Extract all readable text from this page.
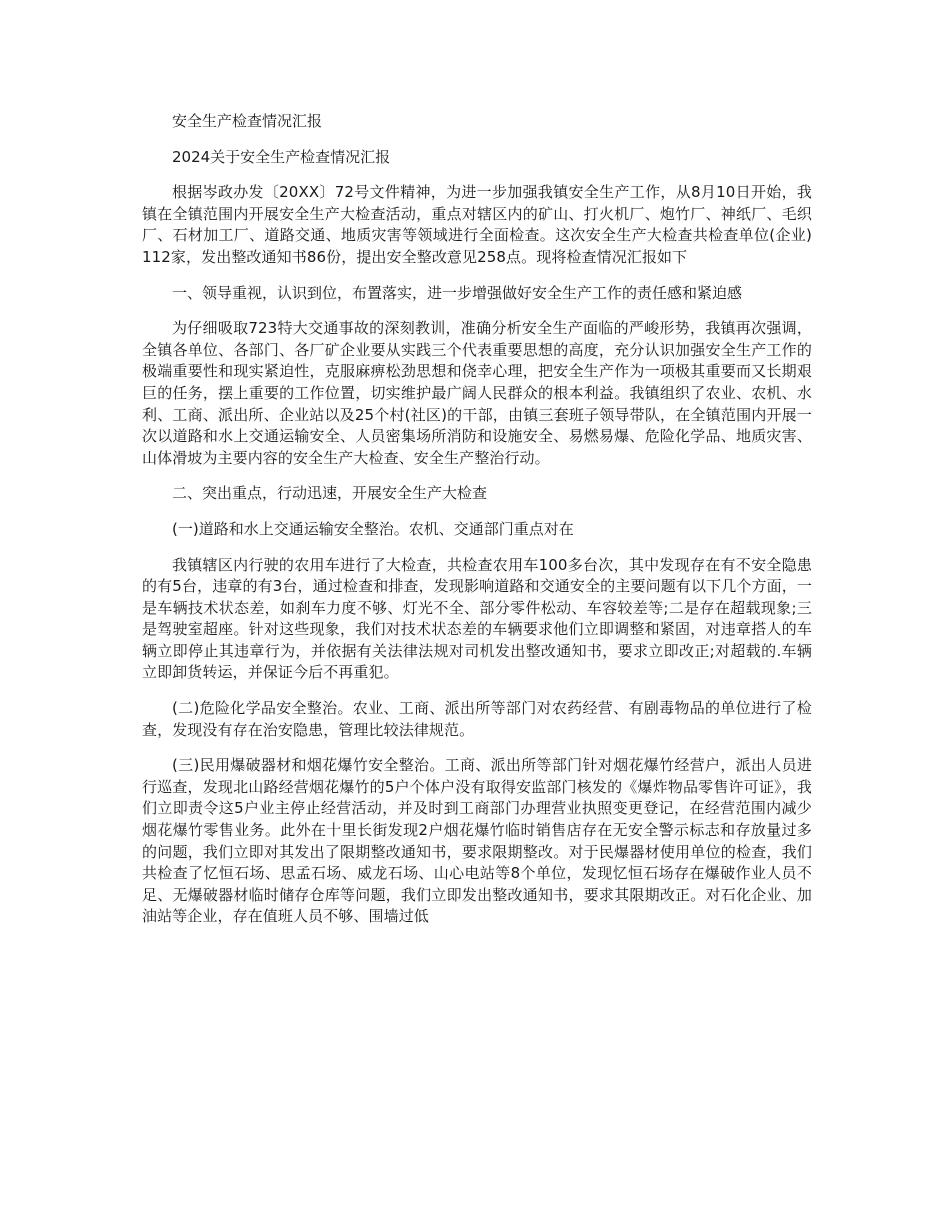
安全生产检查情况汇报

2024关于安全生产检查情况汇报

根据岑政办发〔20XX〕72号文件精神，为进一步加强我镇安全生产工作，从8月10日开始，我镇在全镇范围内开展安全生产大检查活动，重点对辖区内的矿山、打火机厂、炮竹厂、神纸厂、毛织厂、石材加工厂、道路交通、地质灾害等领域进行全面检查。这次安全生产大检查共检查单位(企业)112家，发出整改通知书86份，提出安全整改意见258点。现将检查情况汇报如下

一、领导重视，认识到位，布置落实，进一步增强做好安全生产工作的责任感和紧迫感

为仔细吸取723特大交通事故的深刻教训，准确分析安全生产面临的严峻形势，我镇再次强调，全镇各单位、各部门、各厂矿企业要从实践三个代表重要思想的高度，充分认识加强安全生产工作的极端重要性和现实紧迫性，克服麻痹松劲思想和侥幸心理，把安全生产作为一项极其重要而又长期艰巨的任务，摆上重要的工作位置，切实维护最广阔人民群众的根本利益。我镇组织了农业、农机、水利、工商、派出所、企业站以及25个村(社区)的干部，由镇三套班子领导带队，在全镇范围内开展一次以道路和水上交通运输安全、人员密集场所消防和设施安全、易燃易爆、危险化学品、地质灾害、山体滑坡为主要内容的安全生产大检查、安全生产整治行动。

二、突出重点，行动迅速，开展安全生产大检查

(一)道路和水上交通运输安全整治。农机、交通部门重点对在

我镇辖区内行驶的农用车进行了大检查，共检查农用车100多台次，其中发现存在有不安全隐患的有5台，违章的有3台，通过检查和排查，发现影响道路和交通安全的主要问题有以下几个方面，一是车辆技术状态差，如刹车力度不够、灯光不全、部分零件松动、车容较差等;二是存在超载现象;三是驾驶室超座。针对这些现象，我们对技术状态差的车辆要求他们立即调整和紧固，对违章搭人的车辆立即停止其违章行为，并依据有关法律法规对司机发出整改通知书，要求立即改正;对超载的.车辆立即卸货转运，并保证今后不再重犯。

(二)危险化学品安全整治。农业、工商、派出所等部门对农药经营、有剧毒物品的单位进行了检查，发现没有存在治安隐患，管理比较法律规范。

(三)民用爆破器材和烟花爆竹安全整治。工商、派出所等部门针对烟花爆竹经营户，派出人员进行巡查，发现北山路经营烟花爆竹的5户个体户没有取得安监部门核发的《爆炸物品零售许可证》，我们立即责令这5户业主停止经营活动，并及时到工商部门办理营业执照变更登记，在经营范围内减少烟花爆竹零售业务。此外在十里长街发现2户烟花爆竹临时销售店存在无安全警示标志和存放量过多的问题，我们立即对其发出了限期整改通知书，要求限期整改。对于民爆器材使用单位的检查，我们共检查了忆恒石场、思孟石场、威龙石场、山心电站等8个单位，发现忆恒石场存在爆破作业人员不足、无爆破器材临时储存仓库等问题，我们立即发出整改通知书，要求其限期改正。对石化企业、加油站等企业，存在值班人员不够、围墙过低
